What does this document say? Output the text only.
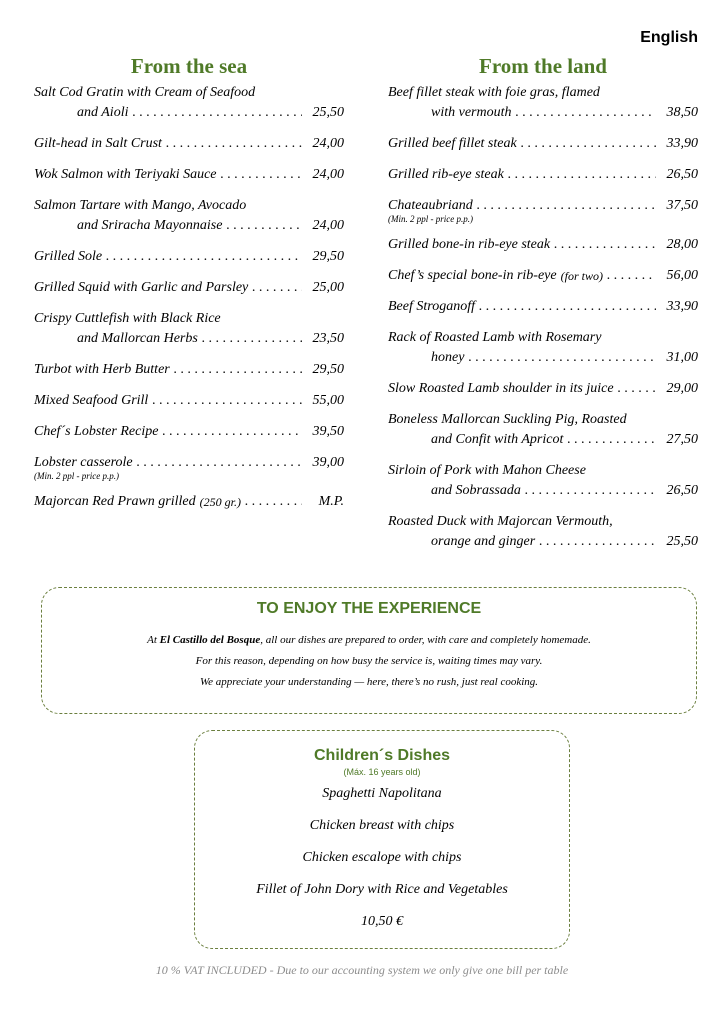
English
From the sea
Salt Cod Gratin with Cream of Seafood
and Aioli . . .	25,50
Gilt-head in Salt Crust . . .	24,00
Wok Salmon with Teriyaki Sauce . . .	24,00
Salmon Tartare with Mango, Avocado
and Sriracha Mayonnaise . . .	24,00
Grilled Sole . . .	29,50
Grilled Squid with Garlic and Parsley . . .	25,00
Crispy Cuttlefish with Black Rice
and Mallorcan Herbs . . .	23,50
Turbot with Herb Butter . . .	29,50
Mixed Seafood Grill . . .	55,00
Chef´s Lobster Recipe . . .	39,50
Lobster casserole . . .	39,00
(Min. 2 ppl - price p.p.)
Majorcan Red Prawn grilled (250 gr.) . . .	M.P.
From the land
Beef fillet steak with foie gras, flamed
with vermouth . . .	38,50
Grilled beef fillet steak . . .	33,90
Grilled rib-eye steak . . .	26,50
Chateaubriand . . .	37,50
(Min. 2 ppl - price p.p.)
Grilled bone-in rib-eye steak . . .	28,00
Chef’s special bone-in rib-eye (for two) . . .	56,00
Beef Stroganoff . . .	33,90
Rack of Roasted Lamb with Rosemary
honey . . .	31,00
Slow Roasted Lamb shoulder in its juice . . .	29,00
Boneless Mallorcan Suckling Pig, Roasted
and Confit with Apricot . . .	27,50
Sirloin of Pork with Mahon Cheese
and Sobrassada . . .	26,50
Roasted Duck with Majorcan Vermouth,
orange and ginger . . .	25,50
TO ENJOY THE EXPERIENCE

At El Castillo del Bosque, all our dishes are prepared to order, with care and completely homemade.

For this reason, depending on how busy the service is, waiting times may vary.

We appreciate your understanding — here, there’s no rush, just real cooking.

Children´s Dishes
(Máx. 16 years old)
Spaghetti Napolitana
Chicken breast with chips
Chicken escalope with chips
Fillet of John Dory with Rice and Vegetables
10,50 €
10 % VAT INCLUDED - Due to our accounting system we only give one bill per table
